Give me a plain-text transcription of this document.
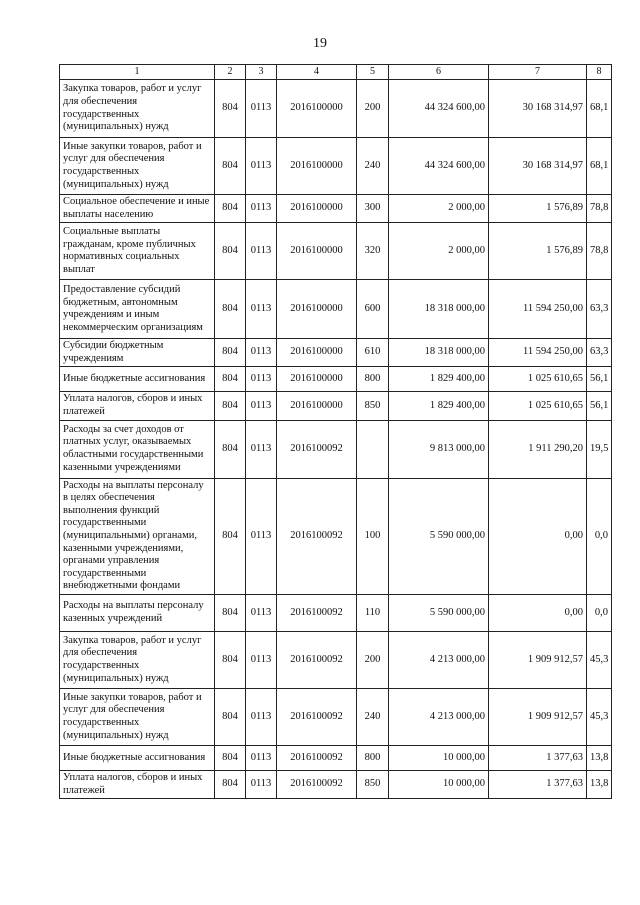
19
1	2	3	4	5	6	7	8
Закупка товаров, работ и услуг для обеспечения государственных (муниципальных) нужд	804	0113	2016100000	200	44 324 600,00	30 168 314,97	68,1
Иные закупки товаров, работ и услуг для обеспечения государственных (муниципальных) нужд	804	0113	2016100000	240	44 324 600,00	30 168 314,97	68,1
Социальное обеспечение и иные выплаты населению	804	0113	2016100000	300	2 000,00	1 576,89	78,8
Социальные выплаты гражданам, кроме публичных нормативных социальных выплат	804	0113	2016100000	320	2 000,00	1 576,89	78,8
Предоставление субсидий бюджетным, автономным учреждениям и иным некоммерческим организациям	804	0113	2016100000	600	18 318 000,00	11 594 250,00	63,3
Субсидии бюджетным учреждениям	804	0113	2016100000	610	18 318 000,00	11 594 250,00	63,3
Иные бюджетные ассигнования	804	0113	2016100000	800	1 829 400,00	1 025 610,65	56,1
Уплата налогов, сборов и иных платежей	804	0113	2016100000	850	1 829 400,00	1 025 610,65	56,1
Расходы за счет доходов от платных услуг, оказываемых областными государственными казенными учреждениями	804	0113	2016100092		9 813 000,00	1 911 290,20	19,5
Расходы на выплаты персоналу в целях обеспечения выполнения функций государственными (муниципальными) органами, казенными учреждениями, органами управления государственными внебюджетными фондами	804	0113	2016100092	100	5 590 000,00	0,00	0,0
Расходы на выплаты персоналу казенных учреждений	804	0113	2016100092	110	5 590 000,00	0,00	0,0
Закупка товаров, работ и услуг для обеспечения государственных (муниципальных) нужд	804	0113	2016100092	200	4 213 000,00	1 909 912,57	45,3
Иные закупки товаров, работ и услуг для обеспечения государственных (муниципальных) нужд	804	0113	2016100092	240	4 213 000,00	1 909 912,57	45,3
Иные бюджетные ассигнования	804	0113	2016100092	800	10 000,00	1 377,63	13,8
Уплата налогов, сборов и иных платежей	804	0113	2016100092	850	10 000,00	1 377,63	13,8
